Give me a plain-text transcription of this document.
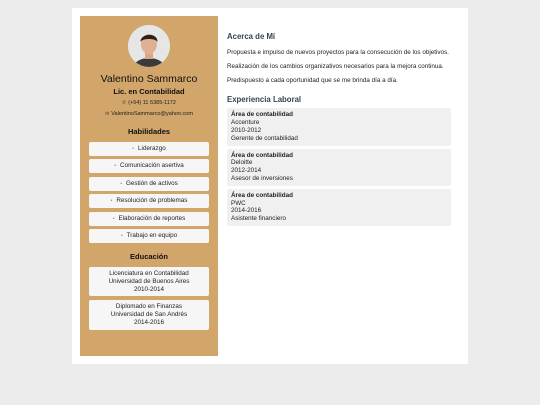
Valentino Sammarco
Lic. en Contabilidad
✆ (+54) 11 5385-1172
✉ ValentinoSammarco@yahoo.com
Habilidades
• Liderazgo
• Comunicación asertiva
• Gestión de activos
• Resolución de problemas
• Elaboración de reportes
• Trabajo en equipo
Educación
Licenciatura en Contabilidad
Universidad de Buenos Aires
2010-2014
Diplomado en Finanzas
Universidad de San Andrés
2014-2016
Acerca de Mí
Propuesta e impulso de nuevos proyectos para la consecución de los objetivos.
Realización de los cambios organizativos necesarios para la mejora continua.
Predispuesto a cada oportunidad que se me brinda día a día.
Experiencia Laboral
Área de contabilidad
Accenture
2010-2012
Gerente de contabilidad
Área de contabilidad
Deloitte
2012-2014
Asesor de inversiones
Área de contabilidad
PWC
2014-2016
Asistente financiero
